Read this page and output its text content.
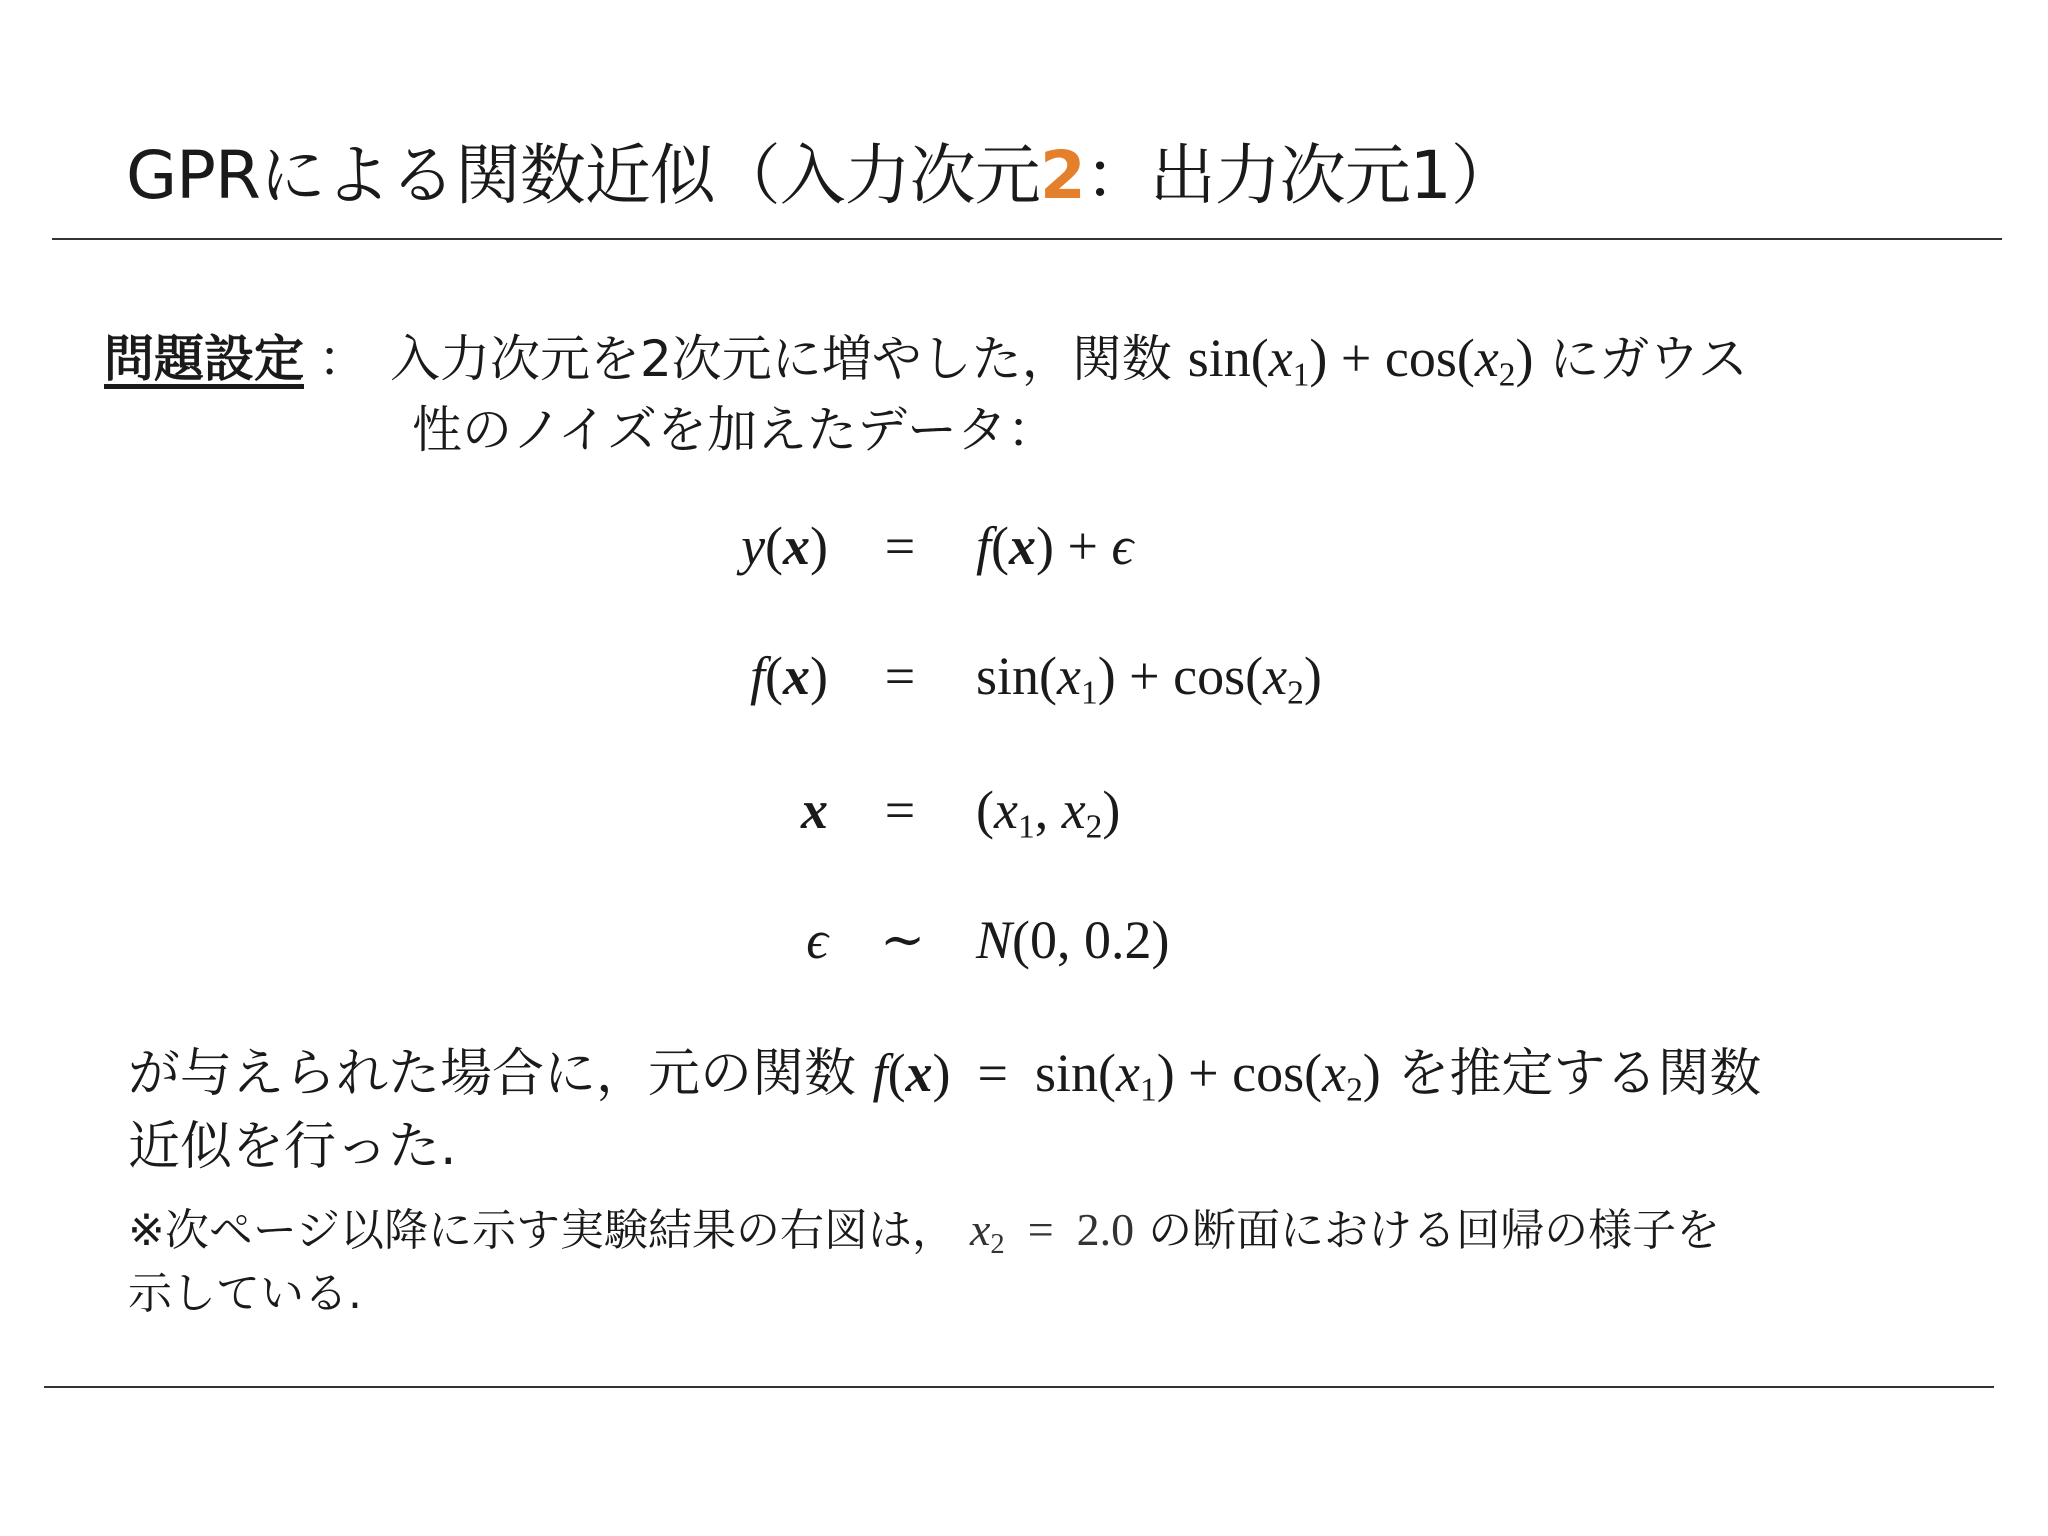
GPRによる関数近似（入力次元2：出力次元1）
問題設定 ： 入力次元を2次元に増やした，関数 $\sin(x_1) + \cos(x_2)$ にガウス
性のノイズを加えたデータ：
y(x) = f(x) + ϵ
$f(x) = \sin(x_1) + \cos(x_2)$
$x = (x_1$, $x_2$)
ϵ ∼ N(0, 0.2)
が与えられた場合に，元の関数 $f(x) = \sin(x_1) + \cos(x_2)$ を推定する関数
近似を行った.
※次ページ以降に示す実験結果の右図は， $x_2 = 2.0$ の断面における回帰の様子を
示している.
